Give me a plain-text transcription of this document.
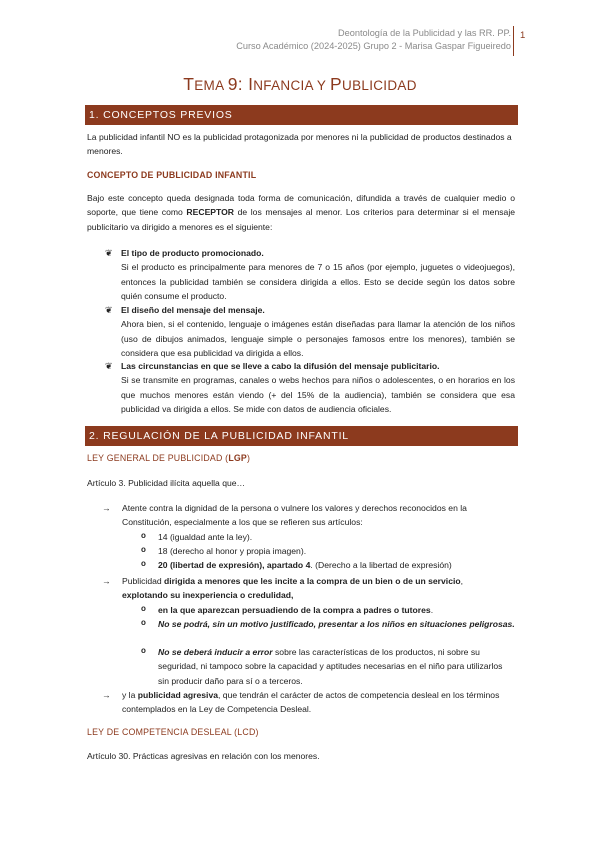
Deontología de la Publicidad y las RR. PP.
Curso Académico (2024-2025) Grupo 2 - Marisa Gaspar Figueiredo
1
TEMA 9: INFANCIA Y PUBLICIDAD
1. CONCEPTOS PREVIOS
La publicidad infantil NO es la publicidad protagonizada por menores ni la publicidad de productos destinados a menores.
CONCEPTO DE PUBLICIDAD INFANTIL
Bajo este concepto queda designada toda forma de comunicación, difundida a través de cualquier medio o soporte, que tiene como RECEPTOR de los mensajes al menor. Los criterios para determinar si el mensaje publicitario va dirigido a menores es el siguiente:
❦ El tipo de producto promocionado.
Si el producto es principalmente para menores de 7 o 15 años (por ejemplo, juguetes o videojuegos), entonces la publicidad también se considera dirigida a ellos. Esto se decide según los datos sobre quién consume el producto.
❦ El diseño del mensaje del mensaje.
Ahora bien, si el contenido, lenguaje o imágenes están diseñadas para llamar la atención de los niños (uso de dibujos animados, lenguaje simple o personajes famosos entre los menores), también se considera que esa publicidad va dirigida a ellos.
❦ Las circunstancias en que se lleve a cabo la difusión del mensaje publicitario.
Si se transmite en programas, canales o webs hechos para niños o adolescentes, o en horarios en los que muchos menores están viendo (+ del 15% de la audiencia), también se considera que esa publicidad va dirigida a ellos. Se mide con datos de audiencia oficiales.
2. REGULACIÓN DE LA PUBLICIDAD INFANTIL
LEY GENERAL DE PUBLICIDAD (LGP)
Artículo 3. Publicidad ilícita aquella que…
→ Atente contra la dignidad de la persona o vulnere los valores y derechos reconocidos en la Constitución, especialmente a los que se refieren sus artículos:
o 14 (igualdad ante la ley).
o 18 (derecho al honor y propia imagen).
o 20 (libertad de expresión), apartado 4. (Derecho a la libertad de expresión)
→ Publicidad dirigida a menores que les incite a la compra de un bien o de un servicio,
explotando su inexperiencia o credulidad,
o en la que aparezcan persuadiendo de la compra a padres o tutores.
o No se podrá, sin un motivo justificado, presentar a los niños en situaciones peligrosas.
o No se deberá inducir a error sobre las características de los productos, ni sobre su seguridad, ni tampoco sobre la capacidad y aptitudes necesarias en el niño para utilizarlos sin producir daño para sí o a terceros.
→ y la publicidad agresiva, que tendrán el carácter de actos de competencia desleal en los términos contemplados en la Ley de Competencia Desleal.
LEY DE COMPETENCIA DESLEAL (LCD)
Artículo 30. Prácticas agresivas en relación con los menores.
